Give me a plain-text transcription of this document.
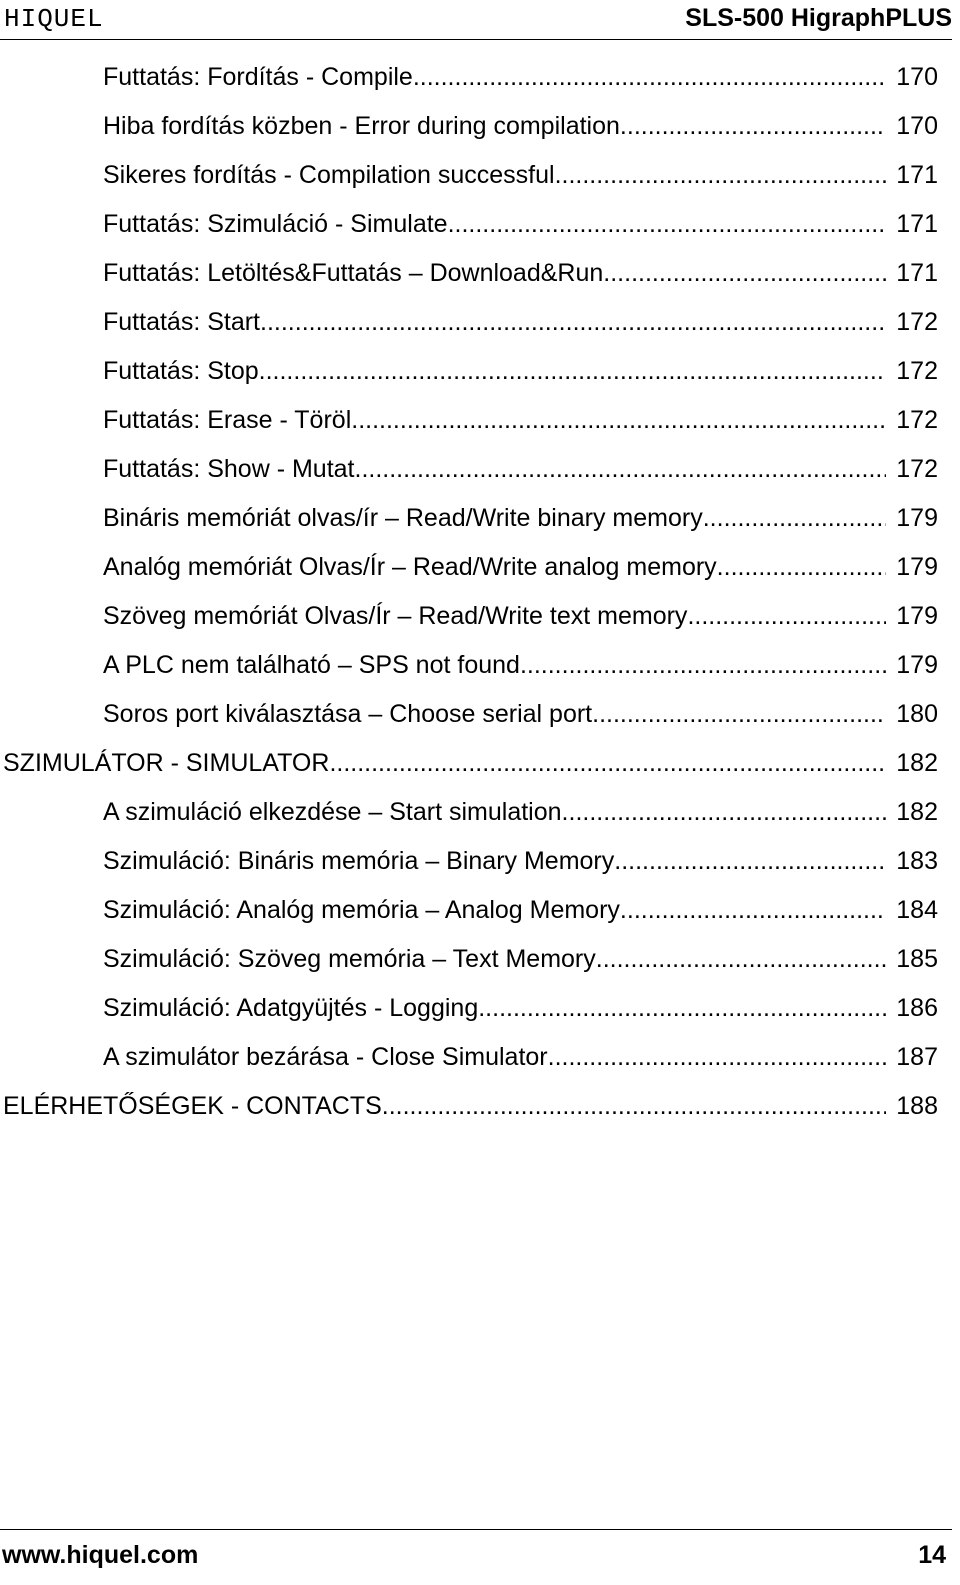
HIQUEL	SLS-500 HigraphPLUS
Futtatás: Fordítás - Compile .....	170
Hiba fordítás közben - Error during compilation .....	170
Sikeres fordítás - Compilation successful .....	171
Futtatás: Szimuláció - Simulate .....	171
Futtatás: Letöltés&Futtatás – Download&Run .....	171
Futtatás: Start .....	172
Futtatás: Stop .....	172
Futtatás: Erase - Töröl .....	172
Futtatás: Show - Mutat .....	172
Bináris memóriát olvas/ír – Read/Write binary memory .....	179
Analóg memóriát Olvas/Ír – Read/Write analog memory .....	179
Szöveg memóriát Olvas/Ír – Read/Write text memory .....	179
A PLC nem található – SPS not found .....	179
Soros port kiválasztása – Choose serial port .....	180
SZIMULÁTOR - SIMULATOR .....	182
A szimuláció elkezdése – Start simulation .....	182
Szimuláció: Bináris memória – Binary Memory .....	183
Szimuláció: Analóg memória – Analog Memory .....	184
Szimuláció: Szöveg memória – Text Memory .....	185
Szimuláció: Adatgyüjtés - Logging .....	186
A szimulátor bezárása - Close Simulator .....	187
ELÉRHETŐSÉGEK - CONTACTS .....	188
www.hiquel.com	14
